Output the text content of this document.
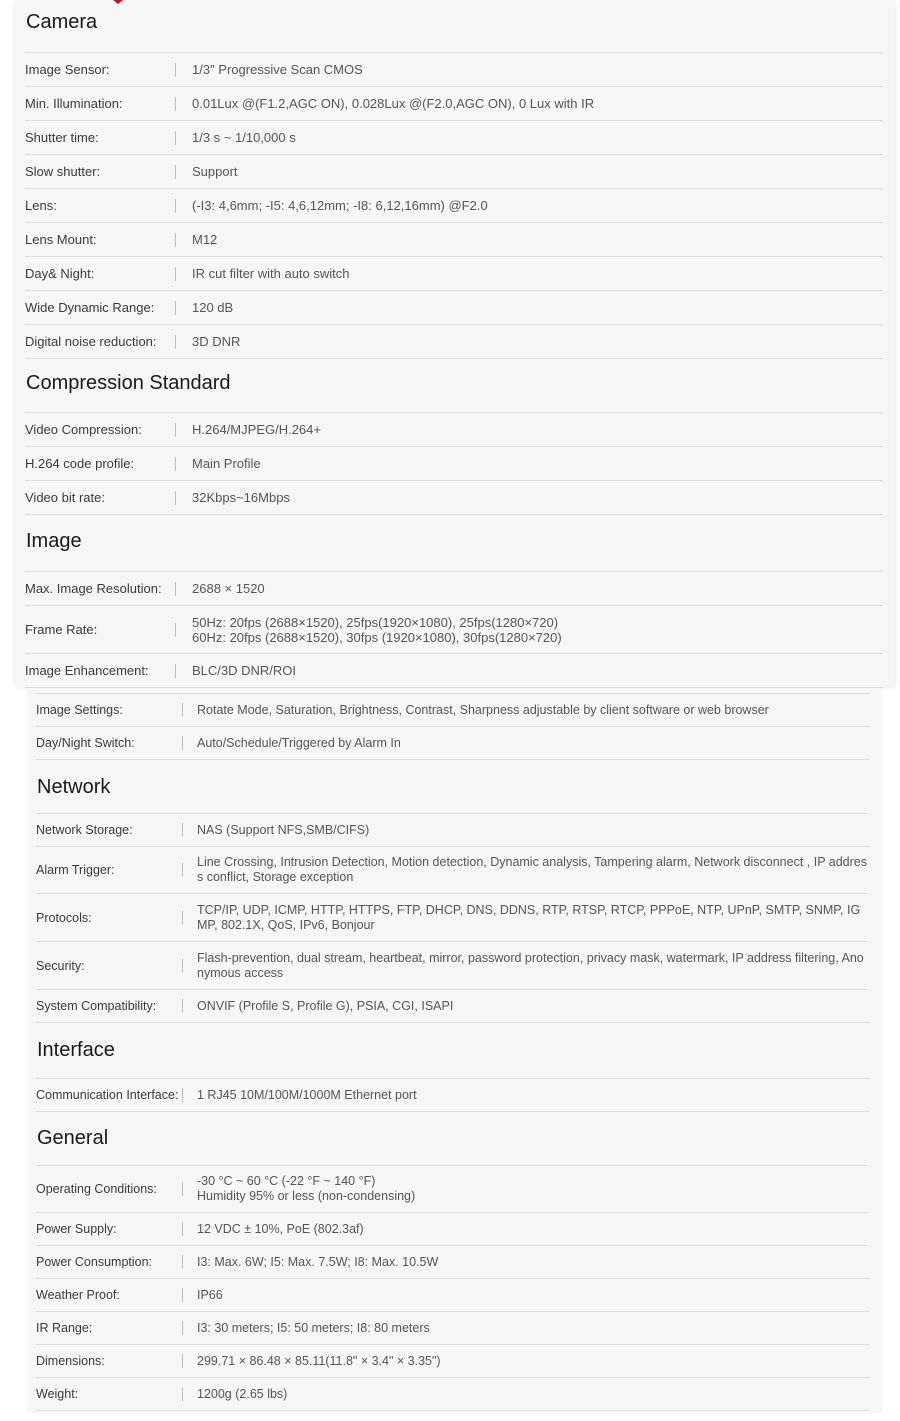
Camera
Image Sensor:	1/3" Progressive Scan CMOS
Min. Illumination:	0.01Lux @(F1.2,AGC ON), 0.028Lux @(F2.0,AGC ON), 0 Lux with IR
Shutter time:	1/3 s ~ 1/10,000 s
Slow shutter:	Support
Lens:	(-I3: 4,6mm; -I5: 4,6,12mm; -I8: 6,12,16mm) @F2.0
Lens Mount:	M12
Day& Night:	IR cut filter with auto switch
Wide Dynamic Range:	120 dB
Digital noise reduction:	3D DNR
Compression Standard
Video Compression:	H.264/MJPEG/H.264+
H.264 code profile:	Main Profile
Video bit rate:	32Kbps~16Mbps
Image
Max. Image Resolution:	2688 × 1520
Frame Rate:	50Hz: 20fps (2688×1520), 25fps(1920×1080), 25fps(1280×720)
60Hz: 20fps (2688×1520), 30fps (1920×1080), 30fps(1280×720)
Image Enhancement:	BLC/3D DNR/ROI
Image Settings:	Rotate Mode, Saturation, Brightness, Contrast, Sharpness adjustable by client software or web browser
Day/Night Switch:	Auto/Schedule/Triggered by Alarm In
Network
Network Storage:	NAS (Support NFS,SMB/CIFS)
Alarm Trigger:
Line Crossing, Intrusion Detection, Motion detection, Dynamic analysis, Tampering alarm, Network disconnect , IP address conflict, Storage exception
Protocols:
TCP/IP, UDP, ICMP, HTTP, HTTPS, FTP, DHCP, DNS, DDNS, RTP, RTSP, RTCP, PPPoE, NTP, UPnP, SMTP, SNMP, IGMP, 802.1X, QoS, IPv6, Bonjour
Security:
Flash-prevention, dual stream, heartbeat, mirror, password protection, privacy mask, watermark, IP address filtering, Anonymous access
System Compatibility:	ONVIF (Profile S, Profile G), PSIA, CGI, ISAPI
Interface
Communication Interface: 1 RJ45 10M/100M/1000M Ethernet port
General
Operating Conditions:
-30 °C ~ 60 °C (-22 °F ~ 140 °F)
Humidity 95% or less (non-condensing)
Power Supply:	12 VDC ± 10%, PoE (802.3af)
Power Consumption:	I3: Max. 6W; I5: Max. 7.5W; I8: Max. 10.5W
Weather Proof:	IP66
IR Range:	I3: 30 meters; I5: 50 meters; I8: 80 meters
Dimensions:	299.71 × 86.48 × 85.11(11.8" × 3.4" × 3.35")
Weight:	1200g (2.65 lbs)
